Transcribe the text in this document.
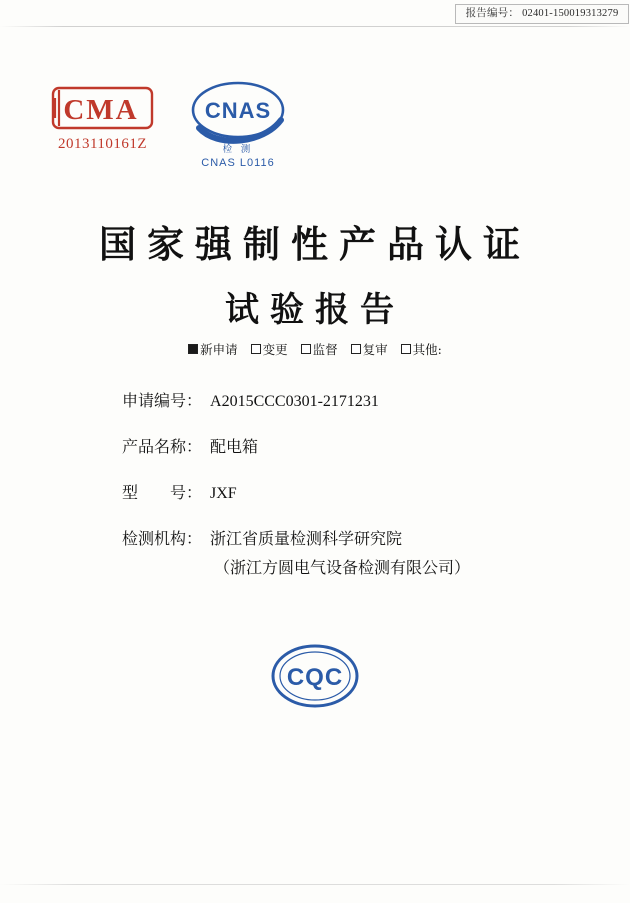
报告编号： 02401-150019313279
CMA
2013110161Z
CNAS
检 测
CNAS L0116
国家强制性产品认证
试验报告
新申请 变更 监督 复审 其他:
申请编号： A2015CCC0301-2171231
产品名称： 配电箱
型　　号： JXF
检测机构： 浙江省质量检测科学研究院
（浙江方圆电气设备检测有限公司）
CQC
